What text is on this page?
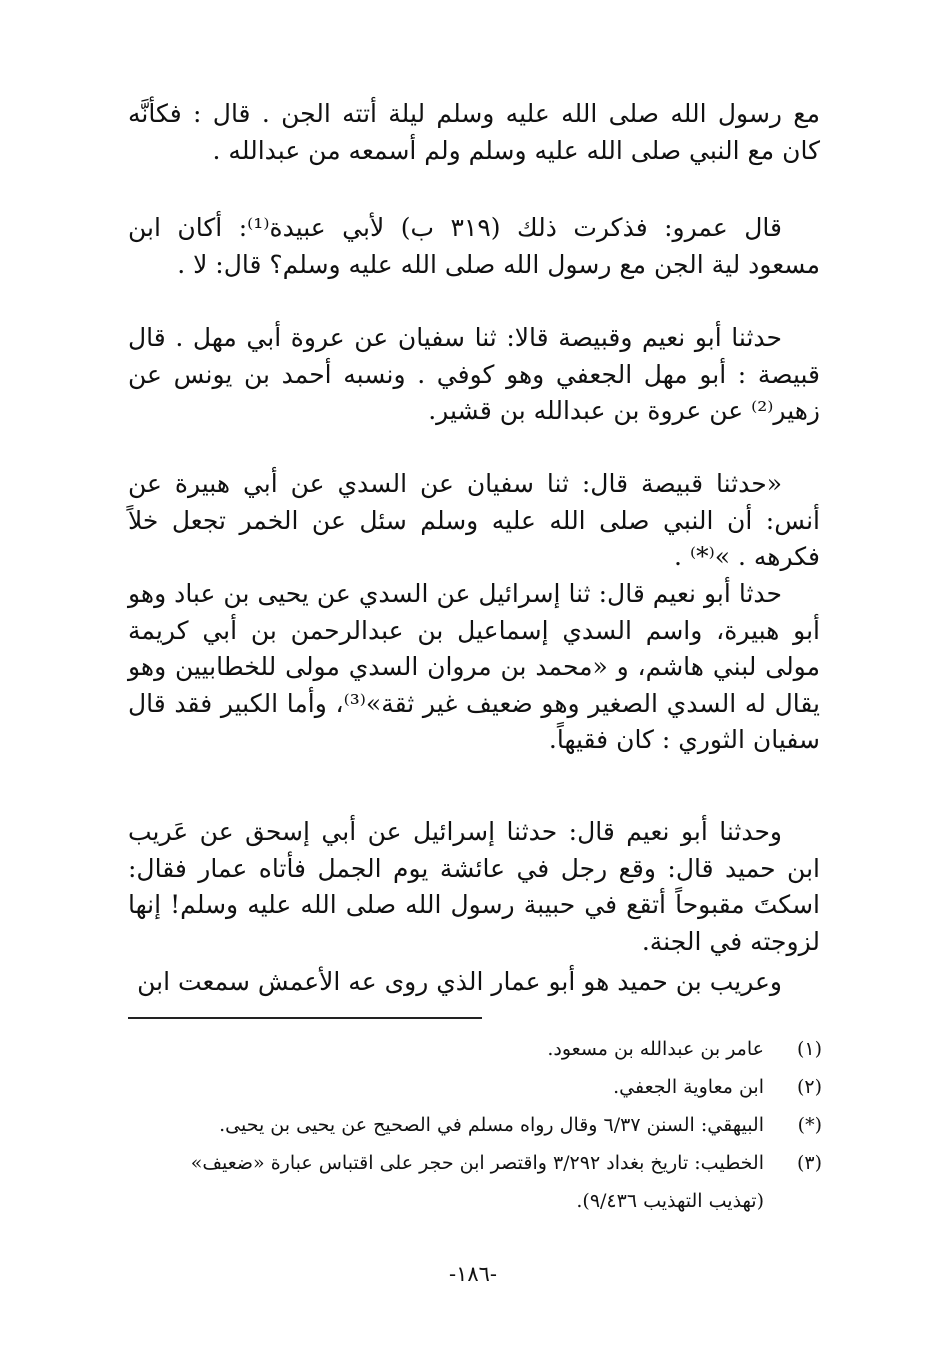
مع رسول الله صلى الله عليه وسلم ليلة أتته الجن . قال : فكأنَّه كان مع النبي صلى الله عليه وسلم ولم أسمعه من عبدالله .

قال عمرو: فذكرت ذلك (٣١٩ ب) لأبي عبيدة⁽¹⁾: أكان ابن مسعود لية الجن مع رسول الله صلى الله عليه وسلم؟ قال: لا .

حدثنا أبو نعيم وقبيصة قالا: ثنا سفيان عن عروة أبي مهل . قال قبيصة : أبو مهل الجعفي وهو كوفي . ونسبه أحمد بن يونس عن زهير⁽²⁾ عن عروة بن عبدالله بن قشير.

«حدثنا قبيصة قال: ثنا سفيان عن السدي عن أبي هبيرة عن أنس: أن النبي صلى الله عليه وسلم سئل عن الخمر تجعل خلاً فكرهه . »⁽*⁾ .

حدثا أبو نعيم قال: ثنا إسرائيل عن السدي عن يحيى بن عباد وهو أبو هبيرة، واسم السدي إسماعيل بن عبدالرحمن بن أبي كريمة مولى لبني هاشم، و «محمد بن مروان السدي مولى للخطابيين وهو يقال له السدي الصغير وهو ضعيف غير ثقة»⁽³⁾، وأما الكبير فقد قال سفيان الثوري : كان فقيهاً.

وحدثنا أبو نعيم قال: حدثنا إسرائيل عن أبي إسحق عن عَريب ابن حميد قال: وقع رجل في عائشة يوم الجمل فأتاه عمار فقال: اسكتَ مقبوحاً أتقع في حبيبة رسول الله صلى الله عليه وسلم! إنها لزوجته في الجنة.

وعريب بن حميد هو أبو عمار الذي روى عه الأعمش سمعت ابن

(١)
عامر بن عبدالله بن مسعود.
(٢)
ابن معاوية الجعفي.
(*)
البيهقي: السنن ٦/٣٧ وقال رواه مسلم في الصحيح عن يحيى بن يحيى.
(٣)
الخطيب: تاريخ بغداد ٣/٢٩٢ واقتصر ابن حجر على اقتباس عبارة «ضعيف»
(تهذيب التهذيب ٩/٤٣٦).
-١٨٦-
